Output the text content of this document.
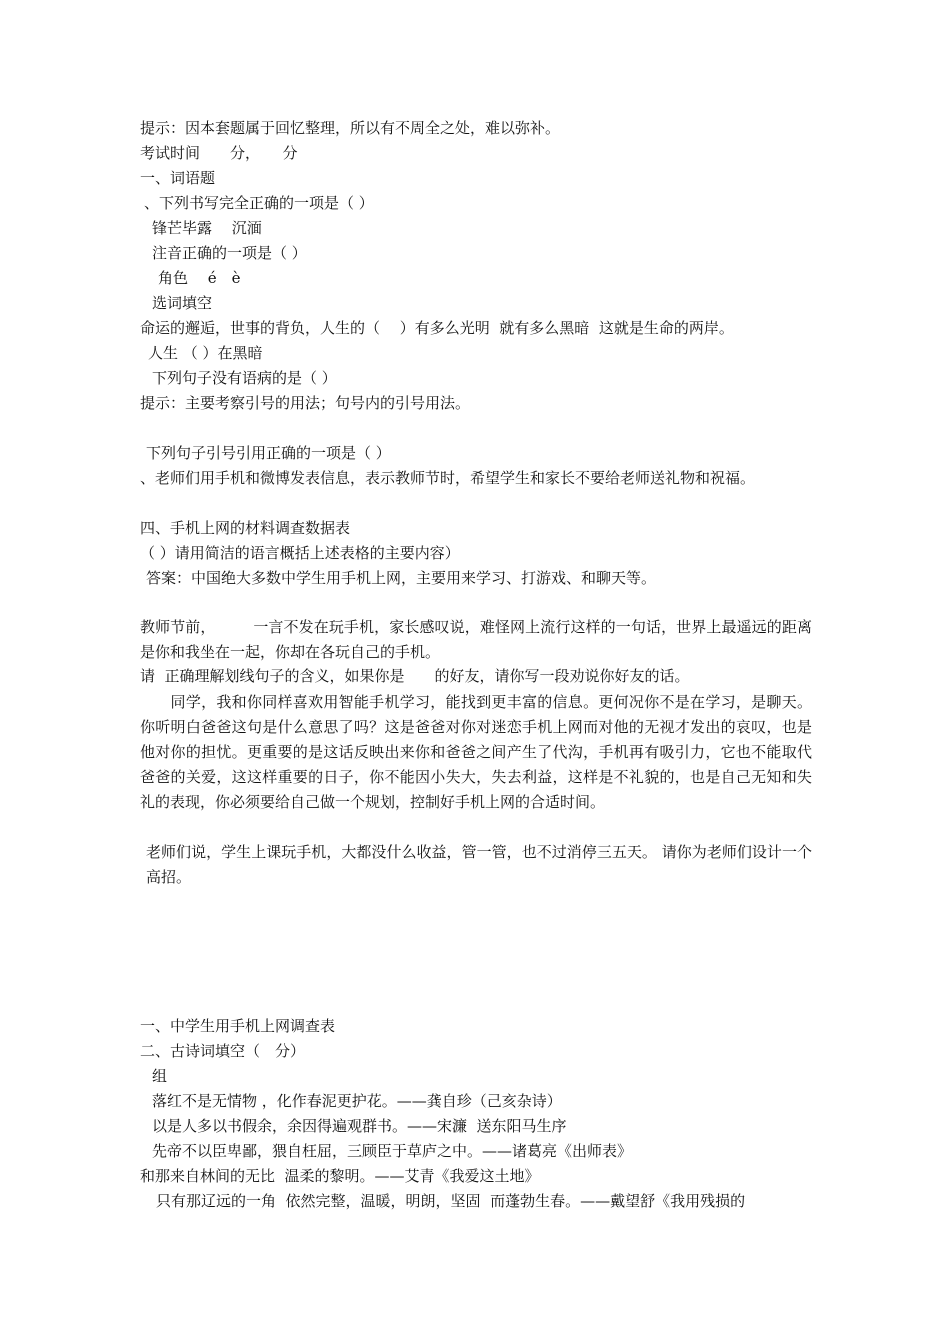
提示：因本套题属于回忆整理，所以有不周全之处，难以弥补。
考试时间　　分，　　分
一、词语题
、下列书写完全正确的一项是（ ）
锋芒毕露　 沉湎
注音正确的一项是（ ）
角色　 é　è
选词填空
命运的邂逅，世事的背负，人生的（　 ）有多么光明  就有多么黑暗  这就是生命的两岸。
人生 （ ）在黑暗
下列句子没有语病的是（ ）
提示：主要考察引号的用法；句号内的引号用法。
下列句子引号引用正确的一项是（ ）
、老师们用手机和微博发表信息，表示教师节时，希望学生和家长不要给老师送礼物和祝福。
四、手机上网的材料调查数据表
（ ）请用简洁的语言概括上述表格的主要内容）
答案：中国绝大多数中学生用手机上网，主要用来学习、打游戏、和聊天等。
教师节前，　　　一言不发在玩手机，家长感叹说，难怪网上流行这样的一句话，世界上最遥远的距离是你和我坐在一起，你却在各玩自己的手机。
请  正确理解划线句子的含义，如果你是　　的好友，请你写一段劝说你好友的话。
　　同学，我和你同样喜欢用智能手机学习，能找到更丰富的信息。更何况你不是在学习，是聊天。你听明白爸爸这句是什么意思了吗？这是爸爸对你对迷恋手机上网而对他的无视才发出的哀叹，也是他对你的担忧。更重要的是这话反映出来你和爸爸之间产生了代沟，手机再有吸引力，它也不能取代爸爸的关爱，这这样重要的日子，你不能因小失大，失去利益，这样是不礼貌的，也是自己无知和失礼的表现，你必须要给自己做一个规划，控制好手机上网的合适时间。
老师们说，学生上课玩手机，大都没什么收益，管一管，也不过消停三五天。 请你为老师们设计一个高招。
一、中学生用手机上网调查表
二、古诗词填空（　分）
组
落红不是无情物 ，化作春泥更护花。——龚自珍（己亥杂诗）
以是人多以书假余，余因得遍观群书。——宋濂  送东阳马生序
先帝不以臣卑鄙，猥自枉屈，三顾臣于草庐之中。——诸葛亮《出师表》
和那来自林间的无比  温柔的黎明。——艾青《我爱这土地》
只有那辽远的一角  依然完整，温暖，明朗，坚固  而蓬勃生春。——戴望舒《我用残损的
